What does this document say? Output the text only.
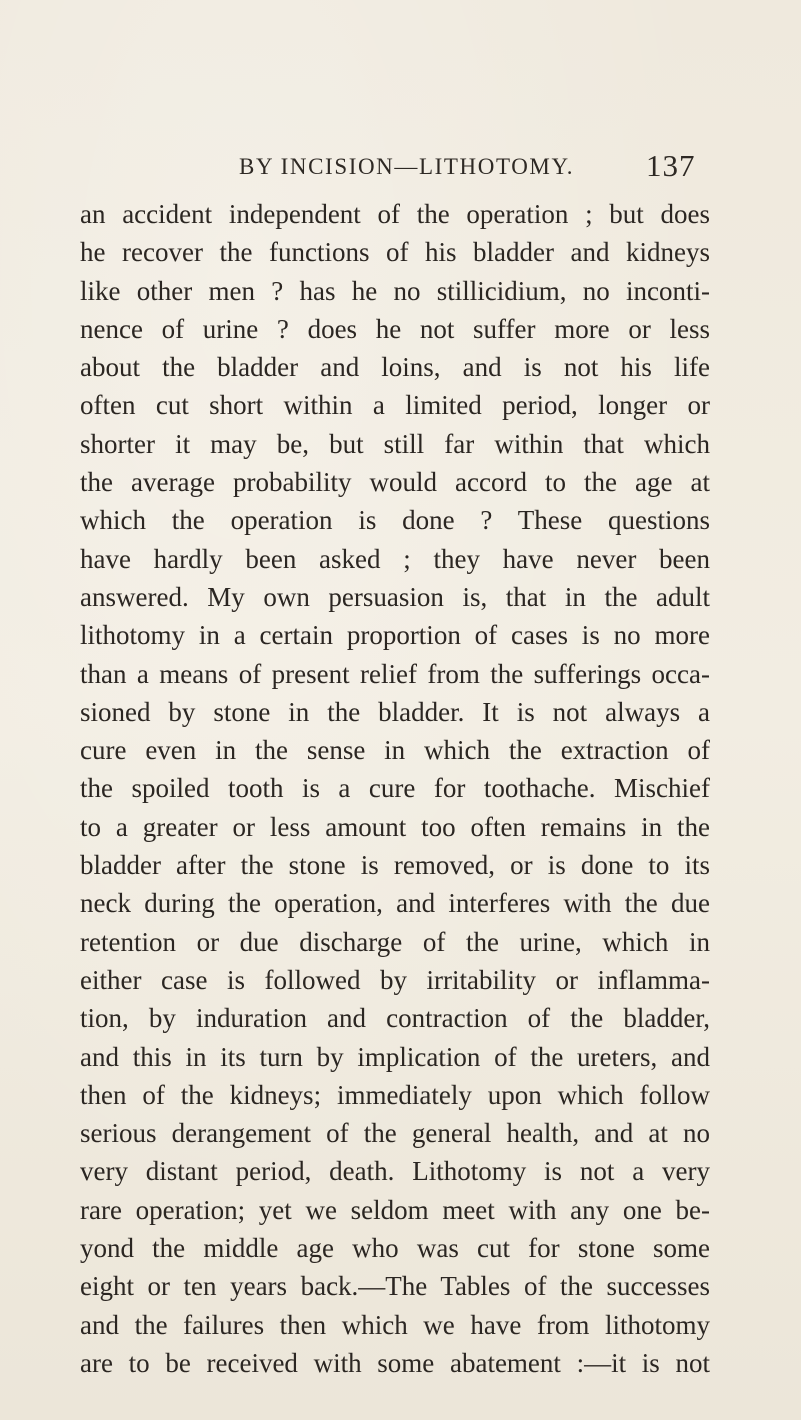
BY INCISION—LITHOTOMY. 137
an accident independent of the operation ; but does
he recover the functions of his bladder and kidneys
like other men ? has he no stillicidium, no inconti-
nence of urine ? does he not suffer more or less
about the bladder and loins, and is not his life
often cut short within a limited period, longer or
shorter it may be, but still far within that which
the average probability would accord to the age at
which the operation is done ? These questions
have hardly been asked ; they have never been
answered. My own persuasion is, that in the adult
lithotomy in a certain proportion of cases is no more
than a means of present relief from the sufferings occa-
sioned by stone in the bladder. It is not always a
cure even in the sense in which the extraction of
the spoiled tooth is a cure for toothache. Mischief
to a greater or less amount too often remains in the
bladder after the stone is removed, or is done to its
neck during the operation, and interferes with the due
retention or due discharge of the urine, which in
either case is followed by irritability or inflamma-
tion, by induration and contraction of the bladder,
and this in its turn by implication of the ureters, and
then of the kidneys; immediately upon which follow
serious derangement of the general health, and at no
very distant period, death. Lithotomy is not a very
rare operation; yet we seldom meet with any one be-
yond the middle age who was cut for stone some
eight or ten years back.—The Tables of the successes
and the failures then which we have from lithotomy
are to be received with some abatement :—it is not
